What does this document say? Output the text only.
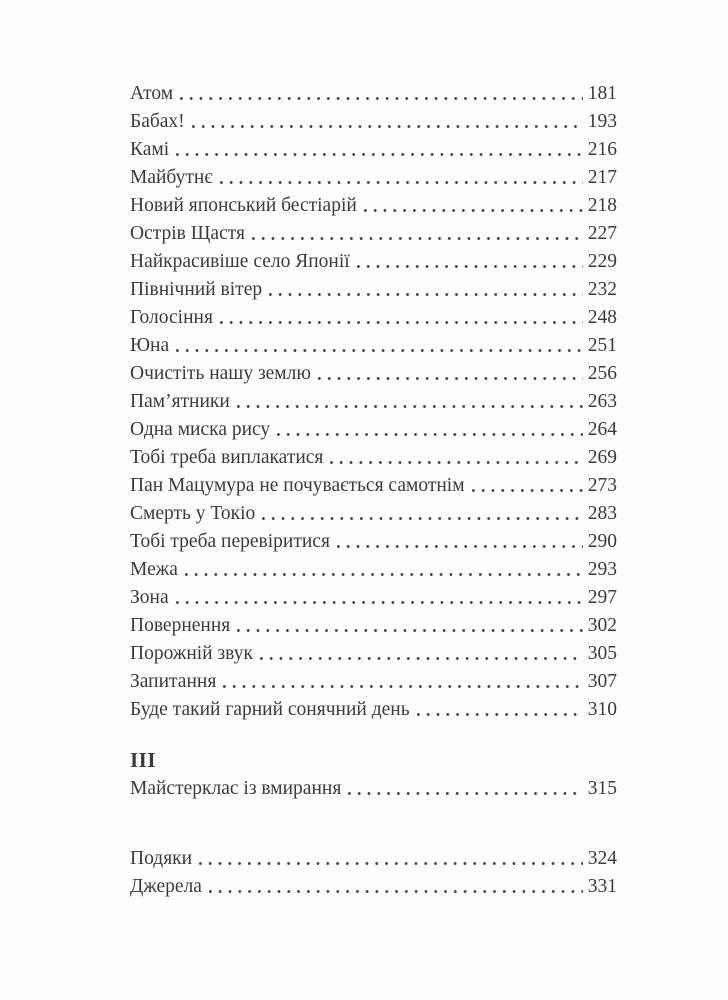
Атом	181
Бабах!	193
Камі	216
Майбутнє	217
Новий японський бестіарій	218
Острів Щастя	227
Найкрасивіше село Японії	229
Північний вітер	232
Голосіння	248
Юна	251
Очистіть нашу землю	256
Пам’ятники	263
Одна миска рису	264
Тобі треба виплакатися	269
Пан Мацумура не почувається самотнім	273
Смерть у Токіо	283
Тобі треба перевіритися	290
Межа	293
Зона	297
Повернення	302
Порожній звук	305
Запитання	307
Буде такий гарний сонячний день	310
III
Майстерклас із вмирання	315
Подяки	324
Джерела	331
